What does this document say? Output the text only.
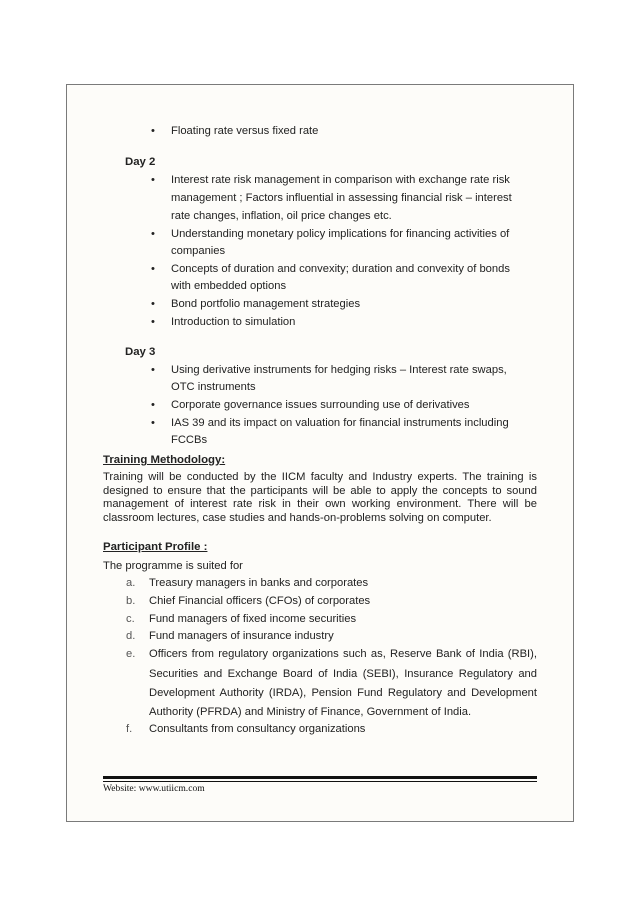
• Floating rate versus fixed rate
Day 2
• Interest rate risk management in comparison with exchange rate risk
management ; Factors influential in assessing financial risk – interest
rate changes, inflation, oil price changes etc.
• Understanding monetary policy implications for financing activities of
companies
• Concepts of duration and convexity; duration and convexity of bonds
with embedded options
• Bond portfolio management strategies
• Introduction to simulation
Day 3
• Using derivative instruments for hedging risks – Interest rate swaps,
OTC instruments
• Corporate governance issues surrounding use of derivatives
• IAS 39 and its impact on valuation for financial instruments including
FCCBs
Training Methodology:
Training will be conducted by the IICM faculty and Industry experts. The training is
designed to ensure that the participants will be able to apply the concepts to sound
management of interest rate risk in their own working environment. There will be
classroom lectures, case studies and hands-on-problems solving on computer.
Participant Profile :
The programme is suited for
a.	Treasury managers in banks and corporates
b.	Chief Financial officers (CFOs) of corporates
c.	Fund managers of fixed income securities
d.	Fund managers of insurance industry
e.	Officers from regulatory organizations such as, Reserve Bank of India (RBI),
Securities and Exchange Board of India (SEBI), Insurance Regulatory and
Development Authority (IRDA), Pension Fund Regulatory and Development
Authority (PFRDA) and Ministry of Finance, Government of India.
f.	Consultants from consultancy organizations
Website: www.utiicm.com
